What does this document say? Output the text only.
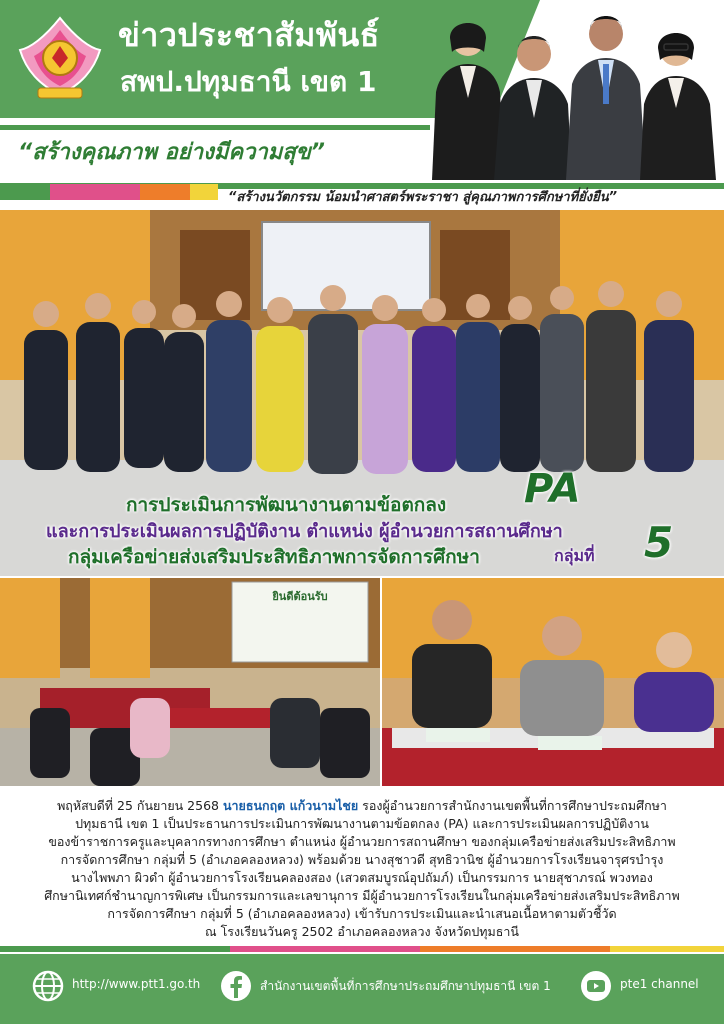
ข่าวประชาสัมพันธ์
สพป.ปทุมธานี เขต 1
“สร้างคุณภาพ อย่างมีความสุข”
“สร้างนวัตกรรม น้อมนำศาสตร์พระราชา สู่คุณภาพการศึกษาที่ยั่งยืน”
การประเมินการพัฒนางานตามข้อตกลง PA
และการประเมินผลการปฏิบัติงาน ตำแหน่ง ผู้อำนวยการสถานศึกษา
กลุ่มเครือข่ายส่งเสริมประสิทธิภาพการจัดการศึกษา	กลุ่มที่ 5
ยินดีต้อนรับ
พฤหัสบดีที่ 25 กันยายน 2568 นายธนกฤต แก้วนามไชย รองผู้อำนวยการสำนักงานเขตพื้นที่การศึกษาประถมศึกษา
ปทุมธานี เขต 1 เป็นประธานการประเมินการพัฒนางานตามข้อตกลง (PA) และการประเมินผลการปฏิบัติงาน
ของข้าราชการครูและบุคลากรทางการศึกษา ตำแหน่ง ผู้อำนวยการสถานศึกษา ของกลุ่มเครือข่ายส่งเสริมประสิทธิภาพ
การจัดการศึกษา กลุ่มที่ 5 (อำเภอคลองหลวง) พร้อมด้วย นางสุชาวดี สุทธิวานิช ผู้อำนวยการโรงเรียนจารุศรบำรุง
นางไพพภา ผิวดำ ผู้อำนวยการโรงเรียนคลองสอง (เสวตสมบูรณ์อุปถัมภ์) เป็นกรรมการ นายสุชาภรณ์ พวงทอง
ศึกษานิเทศก์ชำนาญการพิเศษ เป็นกรรมการและเลขานุการ มีผู้อำนวยการโรงเรียนในกลุ่มเครือข่ายส่งเสริมประสิทธิภาพ
การจัดการศึกษา กลุ่มที่ 5 (อำเภอคลองหลวง) เข้ารับการประเมินและนำเสนอเนื้อหาตามตัวชี้วัด
ณ โรงเรียนวันครู 2502 อำเภอคลองหลวง จังหวัดปทุมธานี
http://www.ptt1.go.th	สำนักงานเขตพื้นที่การศึกษาประถมศึกษาปทุมธานี เขต 1	pte1 channel
